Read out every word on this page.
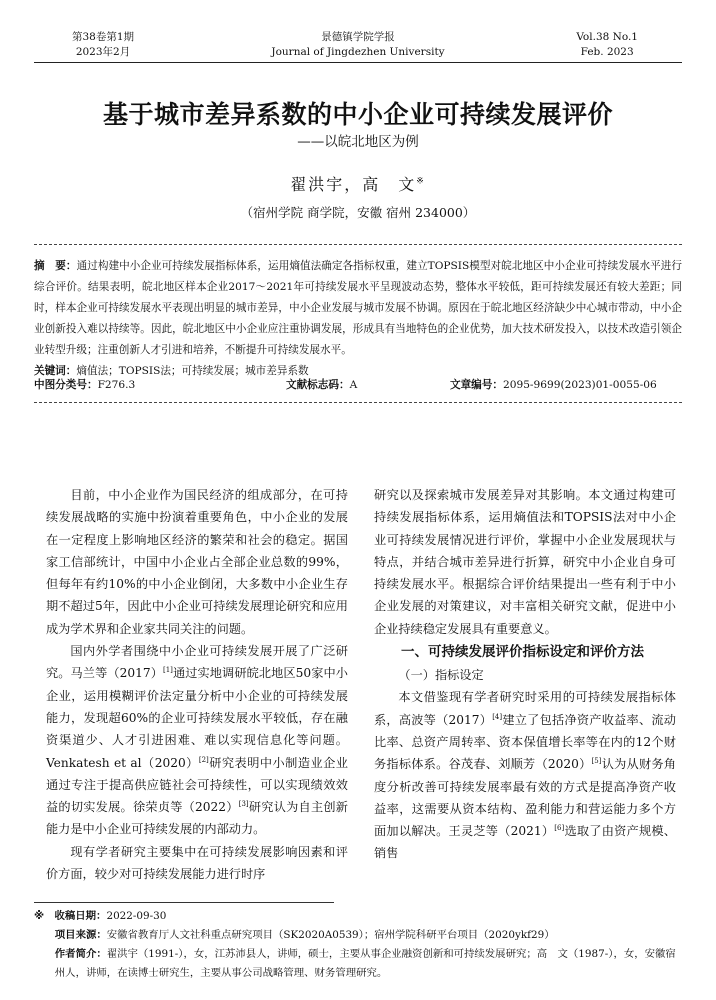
第38卷第1期
2023年2月
景德镇学院学报
Journal of Jingdezhen University
Vol.38 No.1
Feb. 2023
基于城市差异系数的中小企业可持续发展评价
——以皖北地区为例
翟洪宇，高　文※
（宿州学院 商学院，安徽 宿州 234000）
摘　要：通过构建中小企业可持续发展指标体系，运用熵值法确定各指标权重，建立TOPSIS模型对皖北地区中小企业可持续发展水平进行综合评价。结果表明，皖北地区样本企业2017～2021年可持续发展水平呈现波动态势，整体水平较低，距可持续发展还有较大差距；同时，样本企业可持续发展水平表现出明显的城市差异，中小企业发展与城市发展不协调。原因在于皖北地区经济缺少中心城市带动，中小企业创新投入难以持续等。因此，皖北地区中小企业应注重协调发展，形成具有当地特色的企业优势，加大技术研发投入，以技术改造引领企业转型升级；注重创新人才引进和培养，不断提升可持续发展水平。
关键词：熵值法；TOPSIS法；可持续发展；城市差异系数
中图分类号：F276.3	文献标志码：A	文章编号：2095-9699(2023)01-0055-06

目前，中小企业作为国民经济的组成部分，在可持续发展战略的实施中扮演着重要角色，中小企业的发展在一定程度上影响地区经济的繁荣和社会的稳定。据国家工信部统计，中国中小企业占全部企业总数的99%，但每年有约10%的中小企业倒闭，大多数中小企业生存期不超过5年，因此中小企业可持续发展理论研究和应用成为学术界和企业家共同关注的问题。

国内外学者围绕中小企业可持续发展开展了广泛研究。马兰等（2017）[1]通过实地调研皖北地区50家中小企业，运用模糊评价法定量分析中小企业的可持续发展能力，发现超60%的企业可持续发展水平较低，存在融资渠道少、人才引进困难、难以实现信息化等问题。Venkatesh et al（2020）[2]研究表明中小制造业企业通过专注于提高供应链社会可持续性，可以实现绩效效益的切实发展。徐荣贞等（2022）[3]研究认为自主创新能力是中小企业可持续发展的内部动力。

现有学者研究主要集中在可持续发展影响因素和评价方面，较少对可持续发展能力进行时序

研究以及探索城市发展差异对其影响。本文通过构建可持续发展指标体系，运用熵值法和TOPSIS法对中小企业可持续发展情况进行评价，掌握中小企业发展现状与特点，并结合城市差异进行折算，研究中小企业自身可持续发展水平。根据综合评价结果提出一些有利于中小企业发展的对策建议，对丰富相关研究文献，促进中小企业持续稳定发展具有重要意义。

一、可持续发展评价指标设定和评价方法
（一）指标设定

本文借鉴现有学者研究时采用的可持续发展指标体系，高波等（2017）[4]建立了包括净资产收益率、流动比率、总资产周转率、资本保值增长率等在内的12个财务指标体系。谷茂春、刘顺芳（2020）[5]认为从财务角度分析改善可持续发展率最有效的方式是提高净资产收益率，这需要从资本结构、盈利能力和营运能力多个方面加以解决。王灵芝等（2021）[6]选取了由资产规模、销售

※　收稿日期：2022-09-30

项目来源：安徽省教育厅人文社科重点研究项目（SK2020A0539）；宿州学院科研平台项目（2020ykf29）

作者简介：翟洪宇（1991-），女，江苏沛县人，讲师，硕士，主要从事企业融资创新和可持续发展研究；高　文（1987-），女，安徽宿州人，讲师，在读博士研究生，主要从事公司战略管理、财务管理研究。
